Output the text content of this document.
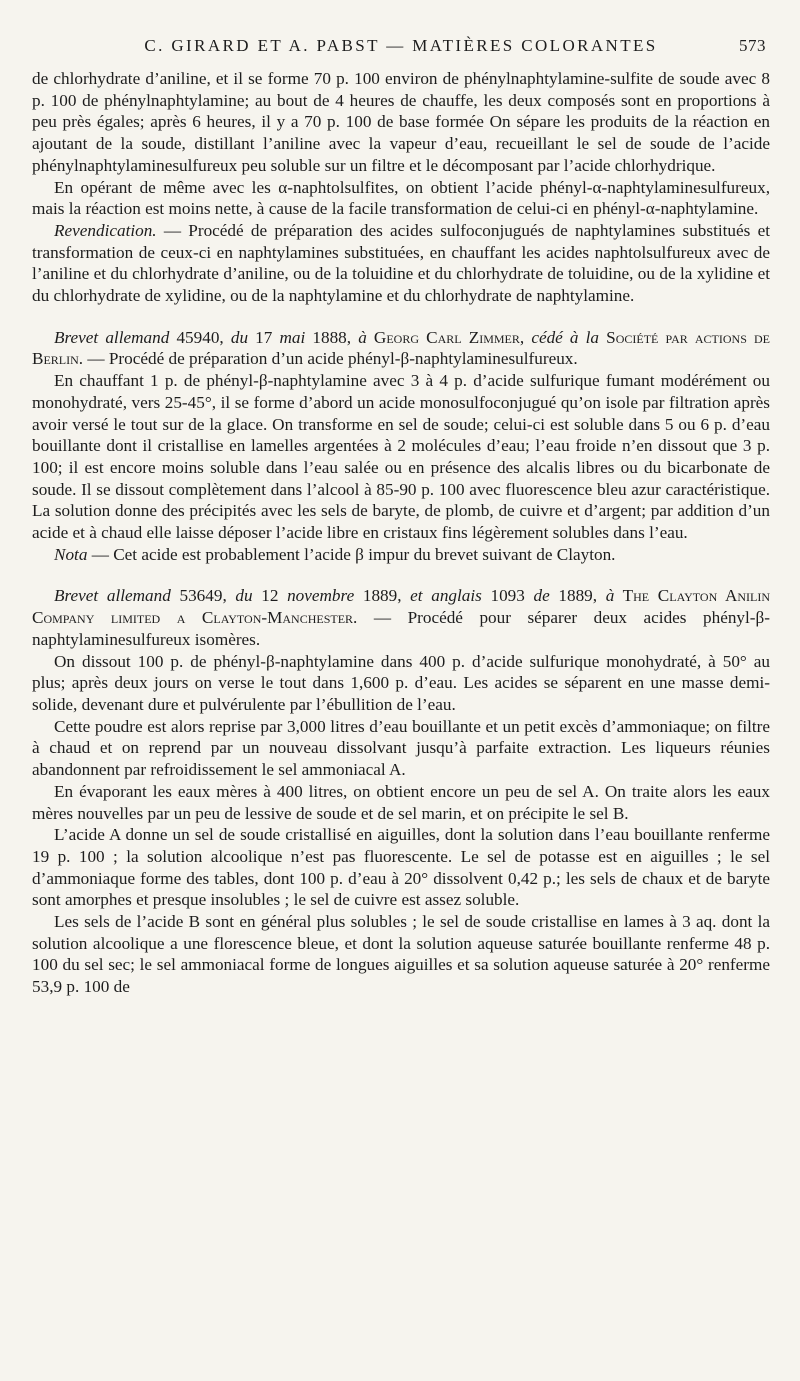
C. GIRARD ET A. PABST — MATIÈRES COLORANTES	573

de chlorhydrate d’aniline, et il se forme 70 p. 100 environ de phénylnaphtylamine-sulfite de soude avec 8 p. 100 de phénylnaphtylamine; au bout de 4 heures de chauffe, les deux composés sont en proportions à peu près égales; après 6 heures, il y a 70 p. 100 de base formée On sépare les produits de la réaction en ajoutant de la soude, distillant l’aniline avec la vapeur d’eau, recueillant le sel de soude de l’acide phénylnaphtylaminesulfureux peu soluble sur un filtre et le décomposant par l’acide chlorhydrique.

En opérant de même avec les α-naphtolsulfites, on obtient l’acide phényl-α-naphtylaminesulfureux, mais la réaction est moins nette, à cause de la facile transformation de celui-ci en phényl-α-naphtylamine.

Revendication. — Procédé de préparation des acides sulfoconjugués de naphtylamines substitués et transformation de ceux-ci en naphtylamines substituées, en chauffant les acides naphtolsulfureux avec de l’aniline et du chlorhydrate d’aniline, ou de la toluidine et du chlorhydrate de toluidine, ou de la xylidine et du chlorhydrate de xylidine, ou de la naphtylamine et du chlorhydrate de naphtylamine.

Brevet allemand 45940, du 17 mai 1888, à Georg Carl Zimmer, cédé à la Société par actions de Berlin. — Procédé de préparation d’un acide phényl-β-naphtylaminesulfureux.

En chauffant 1 p. de phényl-β-naphtylamine avec 3 à 4 p. d’acide sulfurique fumant modérément ou monohydraté, vers 25-45°, il se forme d’abord un acide monosulfoconjugué qu’on isole par filtration après avoir versé le tout sur de la glace. On transforme en sel de soude; celui-ci est soluble dans 5 ou 6 p. d’eau bouillante dont il cristallise en lamelles argentées à 2 molécules d’eau; l’eau froide n’en dissout que 3 p. 100; il est encore moins soluble dans l’eau salée ou en présence des alcalis libres ou du bicarbonate de soude. Il se dissout complètement dans l’alcool à 85-90 p. 100 avec fluorescence bleu azur caractéristique. La solution donne des précipités avec les sels de baryte, de plomb, de cuivre et d’argent; par addition d’un acide et à chaud elle laisse déposer l’acide libre en cristaux fins légèrement solubles dans l’eau.

Nota — Cet acide est probablement l’acide β impur du brevet suivant de Clayton.

Brevet allemand 53649, du 12 novembre 1889, et anglais 1093 de 1889, à The Clayton Anilin Company limited a Clayton-Manchester. — Procédé pour séparer deux acides phényl-β-naphtylaminesulfureux isomères.

On dissout 100 p. de phényl-β-naphtylamine dans 400 p. d’acide sulfurique monohydraté, à 50° au plus; après deux jours on verse le tout dans 1,600 p. d’eau. Les acides se séparent en une masse demi-solide, devenant dure et pulvérulente par l’ébullition de l’eau.

Cette poudre est alors reprise par 3,000 litres d’eau bouillante et un petit excès d’ammoniaque; on filtre à chaud et on reprend par un nouveau dissolvant jusqu’à parfaite extraction. Les liqueurs réunies abandonnent par refroidissement le sel ammoniacal A.

En évaporant les eaux mères à 400 litres, on obtient encore un peu de sel A. On traite alors les eaux mères nouvelles par un peu de lessive de soude et de sel marin, et on précipite le sel B.

L’acide A donne un sel de soude cristallisé en aiguilles, dont la solution dans l’eau bouillante renferme 19 p. 100 ; la solution alcoolique n’est pas fluorescente. Le sel de potasse est en aiguilles ; le sel d’ammoniaque forme des tables, dont 100 p. d’eau à 20° dissolvent 0,42 p.; les sels de chaux et de baryte sont amorphes et presque insolubles ; le sel de cuivre est assez soluble.

Les sels de l’acide B sont en général plus solubles ; le sel de soude cristallise en lames à 3 aq. dont la solution alcoolique a une florescence bleue, et dont la solution aqueuse saturée bouillante renferme 48 p. 100 du sel sec; le sel ammoniacal forme de longues aiguilles et sa solution aqueuse saturée à 20° renferme 53,9 p. 100 de
